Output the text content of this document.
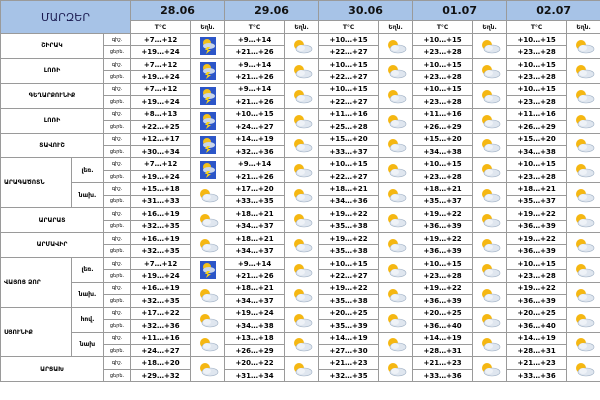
ՄԱՐԶԵՐ			28.06		29.06		30.06		01.07		02.07	
			T°C	Եղն.	T°C	Եղն.	T°C	Եղն.	T°C	Եղն.	T°C	Եղն.
ՇԻՐԱԿ		գիշ.	+7…+12		+9…+14		+10…+15		+10…+15		+10…+15	

		ցերե.	+19…+24		+21…+26		+22…+27		+23…+28		+23…+28	
ԼՈՌԻ		գիշ.	+7…+12		+9…+14		+10…+15		+10…+15		+10…+15	

		ցերե.	+19…+24		+21…+26		+22…+27		+23…+28		+23…+28	
ԳԵՂԱՐՔՈՒՆԻՔ		գիշ.	+7…+12		+9…+14		+10…+15		+10…+15		+10…+15	

		ցերե.	+19…+24		+21…+26		+22…+27		+23…+28		+23…+28	
ԼՈՌԻ		գիշ.	+8…+13		+10…+15		+11…+16		+11…+16		+11…+16	

		ցերե.	+22…+25		+24…+27		+25…+28		+26…+29		+26…+29	
ՏԱՎՈՒՇ		գիշ.	+12…+17		+14…+19		+15…+20		+15…+20		+15…+20	

		ցերե.	+30…+34		+32…+36		+33…+37		+34…+38		+34…+38	
ԱՐԱԳԱԾՈՏՆ	լեռ.	գիշ.	+7…+12		+9…+14		+10…+15		+10…+15		+10…+15	

		ցերե.	+19…+24		+21…+26		+22…+27		+23…+28		+23…+28	
	նախ.	գիշ.	+15…+18		+17…+20		+18…+21		+18…+21		+18…+21	

		ցերե.	+31…+33		+33…+35		+34…+36		+35…+37		+35…+37	
ԱՐԱՐԱՏ		գիշ.	+16…+19		+18…+21		+19…+22		+19…+22		+19…+22	

		ցերե.	+32…+35		+34…+37		+35…+38		+36…+39		+36…+39	
ԱՐՄԱՎԻՐ		գիշ.	+16…+19		+18…+21		+19…+22		+19…+22		+19…+22	

		ցերե.	+32…+35		+34…+37		+35…+38		+36…+39		+36…+39	
ՎԱՅՈՑ ՁՈՐ	լեռ.	գիշ.	+7…+12		+9…+14		+10…+15		+10…+15		+10…+15	

		ցերե.	+19…+24		+21…+26		+22…+27		+23…+28		+23…+28	
	նախ.	գիշ.	+16…+19		+18…+21		+19…+22		+19…+22		+19…+22	

		ցերե.	+32…+35		+34…+37		+35…+38		+36…+39		+36…+39	
ՍՅՈՒՆԻՔ	հով.	գիշ.	+17…+22		+19…+24		+20…+25		+20…+25		+20…+25	

		ցերե.	+32…+36		+34…+38		+35…+39		+36…+40		+36…+40	
	նախ	գիշ.	+11…+16		+13…+18		+14…+19		+14…+19		+14…+19	

		ցերե.	+24…+27		+26…+29		+27…+30		+28…+31		+28…+31	
ԱՐՑԱԽ		գիշ.	+18…+20		+20…+22		+21…+23		+21…+23		+21…+23	

		ցերե.	+29…+32		+31…+34		+32…+35		+33…+36		+33…+36	
